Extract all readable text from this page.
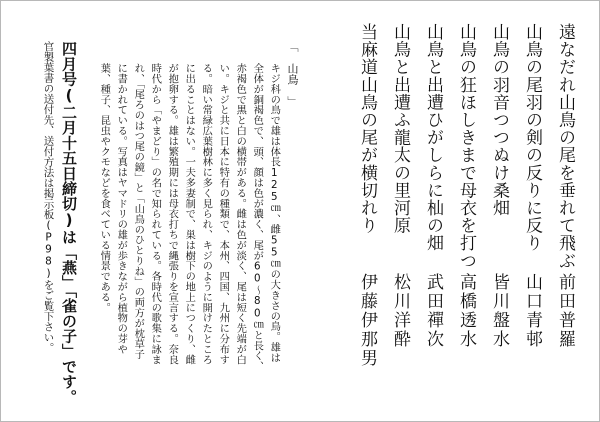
遠なだれ山鳥の尾を垂れて飛ぶ
山鳥の尾羽の剣の反りに反り
山鳥の羽音つつぬけ桑畑
山鳥の狂ほしきまで母衣を打つ
山鳥と出遭ひがしらに杣の畑
山鳥と出遭ふ龍太の里河原
当麻道山鳥の尾が横切れり
前田普羅
山口青邨
皆川盤水
高橋透水
武田禪次
松川洋酔
伊藤伊那男
「　山鳥　」
キジ科の鳥で雄は体長125㎝、雌55㎝の大きさの鳥。雄は
全体が銅褐色で、頭、顔は色が濃く、尾が60～80㎝と長く、
赤褐色で黒と白の横帯がある。雌は色が淡く、尾は短く先端が白
い。キジと共に日本に特有の種類で、本州、四国、九州に分布す
る。暗い常緑広葉樹林に多く見られ、キジのように開けたところ
に出ることはない。一夫多妻制で、巣は樹下の地上につくり、雌
が抱卵する。雄は繁殖期には母衣打ちで縄張りを宣言する。奈良
時代から「やまどり」の名で知られている。各時代の歌集に詠ま
れ、「尾ろのはつ尾の鏡」と「山鳥のひとりね」の両方が枕草子
に書かれている。写真はヤマドリの雄が歩きながら植物の芽や
葉、種子、昆虫やクモなどを食べている情景である。
四月号(二月十五日締切)は「燕」「雀の子」です。
官製葉書の送付先、送付方法は掲示板(P98)をご覧下さい。
